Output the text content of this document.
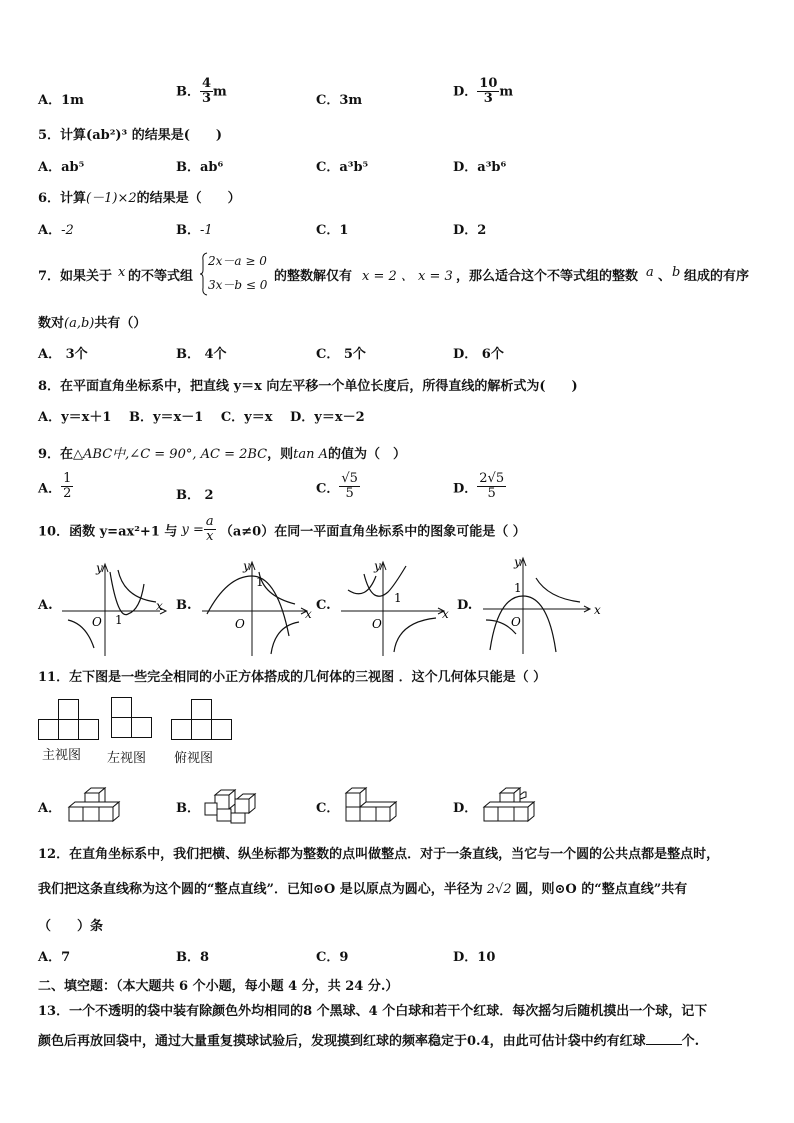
A．1m
B． $\frac{4}{3}$ m
C．3m
D． $\frac{10}{3}$ m
5．计算(ab²)³ 的结果是(　　)
A．ab⁵	B．ab⁶	C．a³b⁵	D．a³b⁶
6．计算(－1)×2的结果是（　　）
A．-2	B．-1	C．1	D．2
7．如果关于 x 的不等式组
2x－a ≥ 0
3x－b ≤ 0
的整数解仅有 x = 2 、 x = 3 ，那么适合这个不等式组的整数 a 、 b 组成的有序
数对(a,b)共有（）
A． 3个	B． 4个	C． 5个	D． 6个
8．在平面直角坐标系中，把直线 y＝x 向左平移一个单位长度后，所得直线的解析式为(　　)
A．y＝x＋1　 B．y＝x－1　 C．y＝x　 D．y＝x－2
9．在△ABC中,∠C = 90°, AC = 2BC，则tan A的值为（　）
A． $\frac{1}{2}$	B． 2	C． $\frac{√5}{5}$	D． $\frac{2√5}{5}$
10．函数 y=ax²+1 与 $y = \frac{a}{x} (a\ne 0)$在同一平面直角坐标系中的图象可能是（ ）
A.	B.	C.	D.
y
x
O 1
y
x
O
1
y
x
O
1
y
x
O
1
11．左下图是一些完全相同的小正方体搭成的几何体的三视图 ．这个几何体只能是（ ）
主视图 左视图 俯视图
A．	B．	C．	D．
12．在直角坐标系中，我们把横、纵坐标都为整数的点叫做整点．对于一条直线，当它与一个圆的公共点都是整点时，
我们把这条直线称为这个圆的“整点直线”．已知⊙O 是以原点为圆心，半径为 2√2 圆，则⊙O 的“整点直线”共有
（　　）条
A．7	B．8	C．9	D．10
二、填空题：（本大题共 6 个小题，每小题 4 分，共 24 分.）
13．一个不透明的袋中装有除颜色外均相同的8 个黑球、4 个白球和若干个红球．每次摇匀后随机摸出一个球，记下
颜色后再放回袋中，通过大量重复摸球试验后，发现摸到红球的频率稳定于0.4，由此可估计袋中约有红球	个.
